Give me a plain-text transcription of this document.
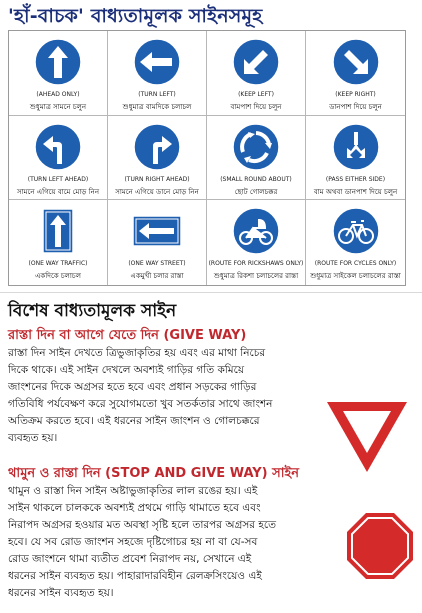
'হাঁ-বাচক' বাধ্যতামূলক সাইনসমূহ
(AHEAD ONLY)
শুধুমাত্র সামনে চলুন
(TURN LEFT)
শুধুমাত্র বামদিকে চলাচল
(KEEP LEFT)
বামপাশ দিয়ে চলুন
(KEEP RIGHT)
ডানপাশ দিয়ে চলুন
(TURN LEFT AHEAD)
সামনে এগিয়ে বামে মোড় নিন
(TURN RIGHT AHEAD)
সামনে এগিয়ে ডানে মোড় নিন
(SMALL ROUND ABOUT)
ছোট গোলচক্কর
(PASS EITHER SIDE)
বাম অথবা ডানপাশ দিয়ে চলুন
(ONE WAY TRAFFIC)
একদিকে চলাচল
(ONE WAY STREET)
একমুখী চলার রাস্তা
(ROUTE FOR RICKSHAWS ONLY)
শুধুমাত্র রিকশা চলাচলের রাস্তা
(ROUTE FOR CYCLES ONLY)
শুধুমাত্র সাইকেল চলাচলের রাস্তা
বিশেষ বাধ্যতামূলক সাইন
রাস্তা দিন বা আগে যেতে দিন (GIVE WAY)
রাস্তা দিন সাইন দেখতে ত্রিভুজাকৃতির হয় এবং এর মাথা নিচের
দিকে থাকে। এই সাইন দেখলে অবশ্যই গাড়ির গতি কমিয়ে
জাংশনের দিকে অগ্রসর হতে হবে এবং প্রধান সড়কের গাড়ির
গতিবিধি পর্যবেক্ষণ করে সুযোগমতো খুব সতর্কতার সাথে জাংশন
অতিক্রম করতে হবে। এই ধরনের সাইন জাংশন ও গোলচক্করে
ব্যবহৃত হয়।
থামুন ও রাস্তা দিন (STOP AND GIVE WAY) সাইন
থামুন ও রাস্তা দিন সাইন অষ্টাভুজাকৃতির লাল রঙের হয়। এই
সাইন থাকলে চালককে অবশ্যই প্রথমে গাড়ি থামাতে হবে এবং
নিরাপদ অগ্রসর হওয়ার মত অবস্থা সৃষ্টি হলে তারপর অগ্রসর হতে
হবে। যে সব রোড জাংশন সহজে দৃষ্টিগোচর হয় না বা যে-সব
রোড জাংশনে থামা ব্যতীত প্রবেশ নিরাপদ নয়, সেখানে এই
ধরনের সাইন ব্যবহৃত হয়। পাহারাদারবিহীন রেলক্রসিংয়েও এই
ধরনের সাইন ব্যবহৃত হয়।
